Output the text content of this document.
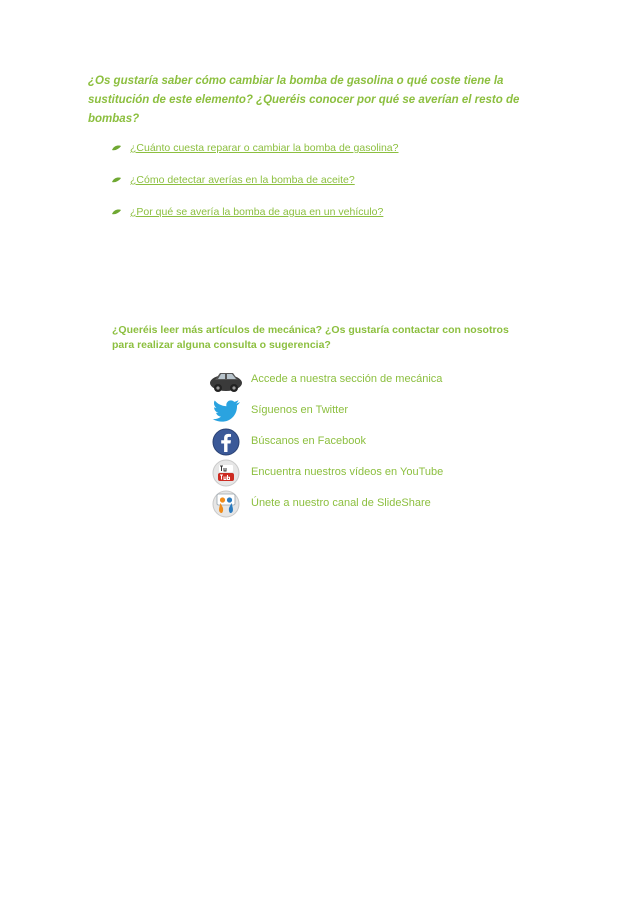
¿Os gustaría saber cómo cambiar la bomba de gasolina o qué coste tiene la sustitución de este elemento? ¿Queréis conocer por qué se averían el resto de bombas?

¿Cuánto cuesta reparar o cambiar la bomba de gasolina?
¿Cómo detectar averías en la bomba de aceite?
¿Por qué se avería la bomba de agua en un vehículo?

¿Queréis leer más artículos de mecánica? ¿Os gustaría contactar con nosotros para realizar alguna consulta o sugerencia?

Accede a nuestra sección de mecánica
Síguenos en Twitter
Búscanos en Facebook
Encuentra nuestros vídeos en YouTube
Únete a nuestro canal de SlideShare
